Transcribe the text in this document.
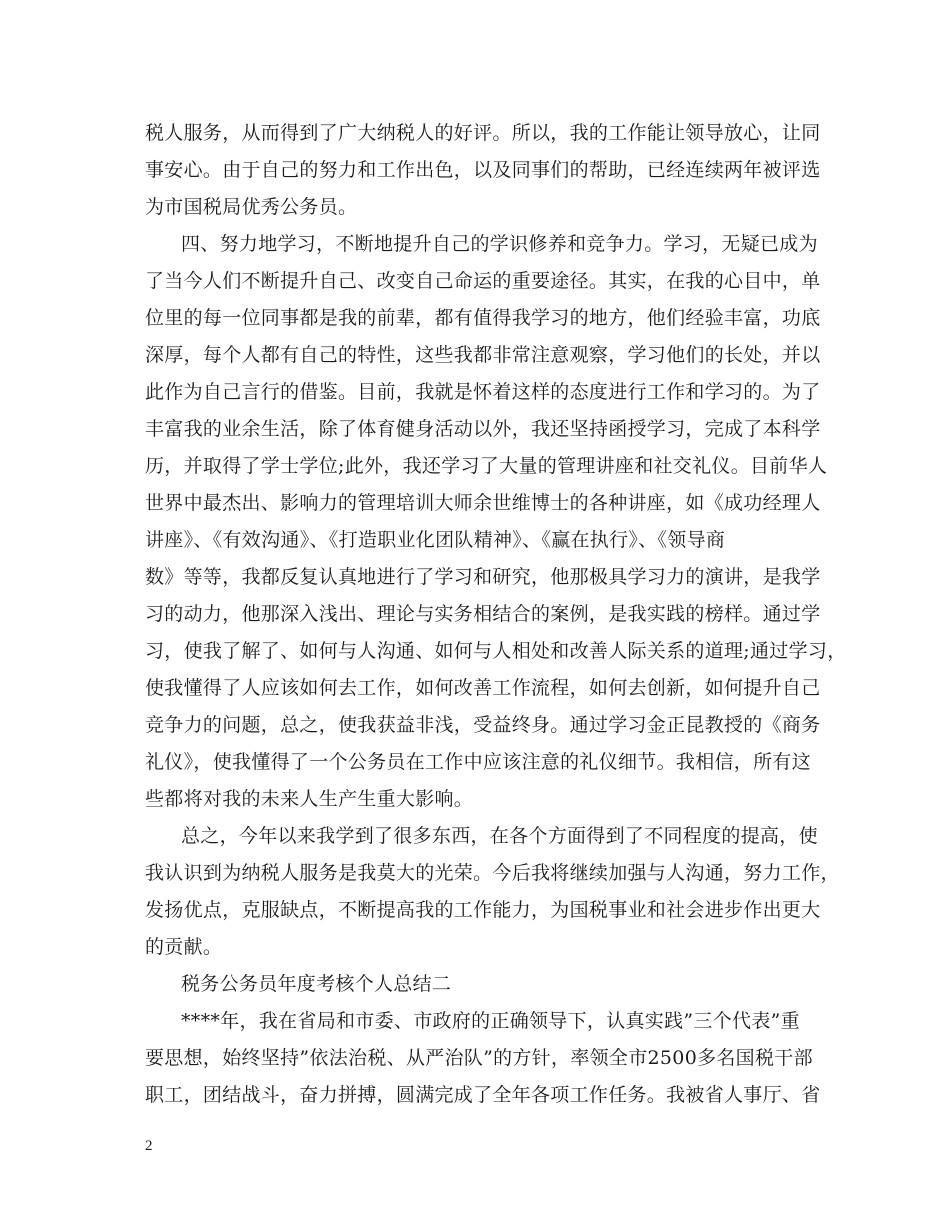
税人服务，从而得到了广大纳税人的好评。所以，我的工作能让领导放心，让同
事安心。由于自己的努力和工作出色，以及同事们的帮助，已经连续两年被评选
为市国税局优秀公务员。
四、努力地学习，不断地提升自己的学识修养和竞争力。学习，无疑已成为
了当今人们不断提升自己、改变自己命运的重要途径。其实，在我的心目中，单
位里的每一位同事都是我的前辈，都有值得我学习的地方，他们经验丰富，功底
深厚，每个人都有自己的特性，这些我都非常注意观察，学习他们的长处，并以
此作为自己言行的借鉴。目前，我就是怀着这样的态度进行工作和学习的。为了
丰富我的业余生活，除了体育健身活动以外，我还坚持函授学习，完成了本科学
历，并取得了学士学位;此外，我还学习了大量的管理讲座和社交礼仪。目前华人
世界中最杰出、影响力的管理培训大师余世维博士的各种讲座，如《成功经理人
讲座》、《有效沟通》、《打造职业化团队精神》、《赢在执行》、《领导商
数》等等，我都反复认真地进行了学习和研究，他那极具学习力的演讲，是我学
习的动力，他那深入浅出、理论与实务相结合的案例，是我实践的榜样。通过学
习，使我了解了、如何与人沟通、如何与人相处和改善人际关系的道理;通过学习，
使我懂得了人应该如何去工作，如何改善工作流程，如何去创新，如何提升自己
竞争力的问题，总之，使我获益非浅，受益终身。通过学习金正昆教授的《商务
礼仪》，使我懂得了一个公务员在工作中应该注意的礼仪细节。我相信，所有这
些都将对我的未来人生产生重大影响。
总之，今年以来我学到了很多东西，在各个方面得到了不同程度的提高，使
我认识到为纳税人服务是我莫大的光荣。今后我将继续加强与人沟通，努力工作，
发扬优点，克服缺点，不断提高我的工作能力，为国税事业和社会进步作出更大
的贡献。
税务公务员年度考核个人总结二
****年，我在省局和市委、市政府的正确领导下，认真实践”三个代表”重
要思想，始终坚持”依法治税、从严治队”的方针，率领全市2500多名国税干部
职工，团结战斗，奋力拼搏，圆满完成了全年各项工作任务。我被省人事厅、省
2
